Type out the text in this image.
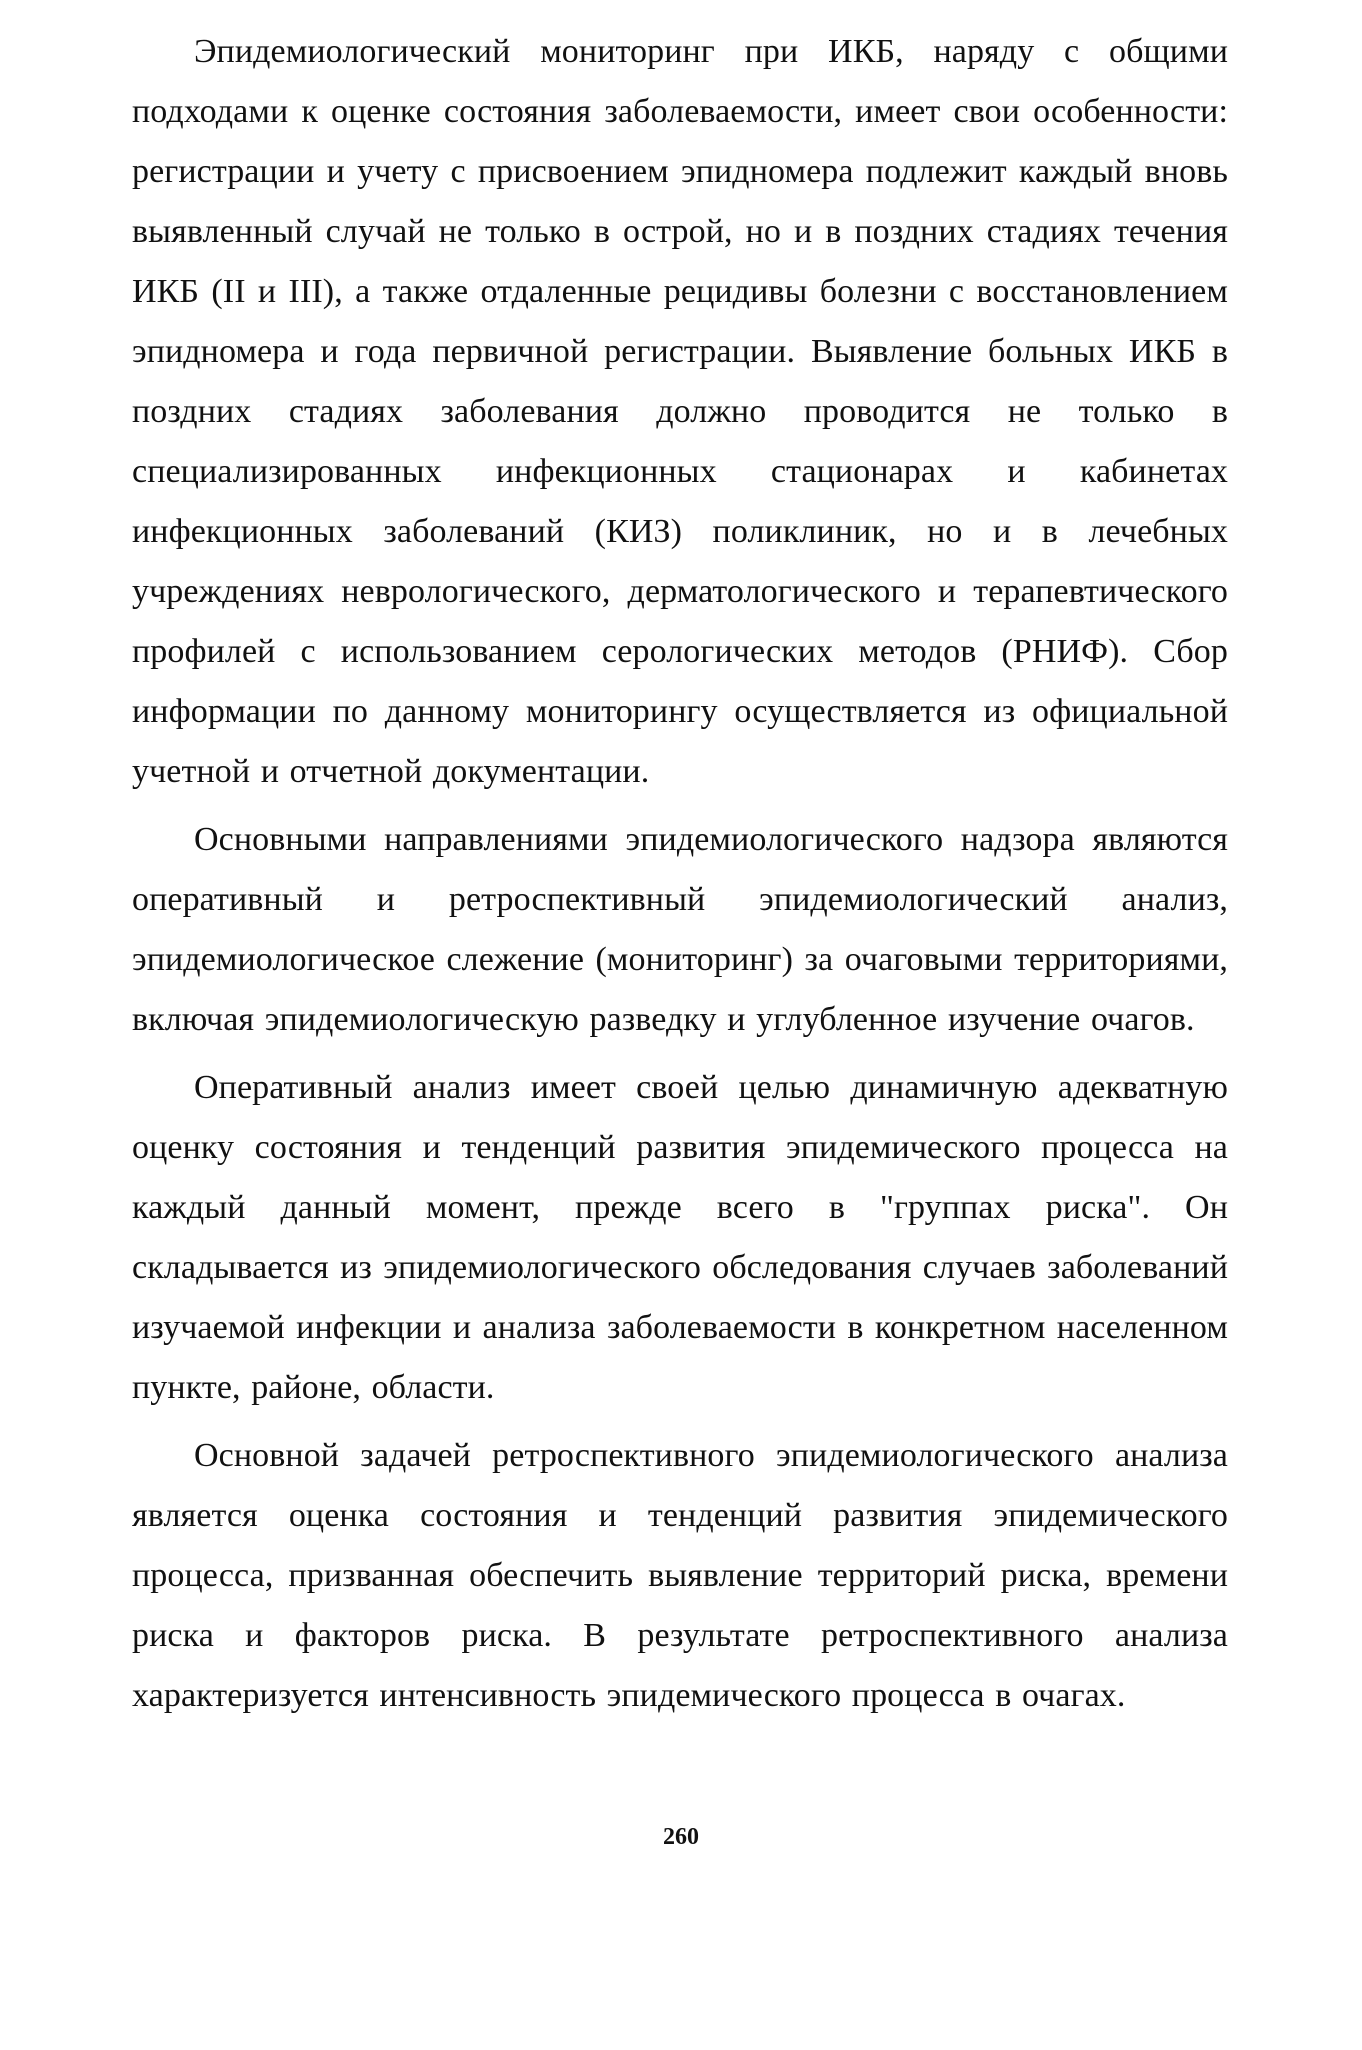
Эпидемиологический мониторинг при ИКБ, наряду с общими подходами к оценке состояния заболеваемости, имеет свои особенности: регистрации и учету с присвоением эпидномера подлежит каждый вновь выявленный случай не только в острой, но и в поздних стадиях течения ИКБ (II и III), а также отдаленные рецидивы болезни с восстановлением эпидномера и года первичной регистрации. Выявление больных ИКБ в поздних стадиях заболевания должно проводится не только в специализированных инфекционных стационарах и кабинетах инфекционных заболеваний (КИЗ) поликлиник, но и в лечебных учреждениях неврологического, дерматологического и терапевтического профилей с использованием серологических методов (РНИФ). Сбор информации по данному мониторингу осуществляется из официальной учетной и отчетной документации.

Основными направлениями эпидемиологического надзора являются оперативный и ретроспективный эпидемиологический анализ, эпидемиологическое слежение (мониторинг) за очаговыми территориями, включая эпидемиологическую разведку и углубленное изучение очагов.

Оперативный анализ имеет своей целью динамичную адекватную оценку состояния и тенденций развития эпидемического процесса на каждый данный момент, прежде всего в "группах риска". Он складывается из эпидемиологического обследования случаев заболеваний изучаемой инфекции и анализа заболеваемости в конкретном населенном пункте, районе, области.

Основной задачей ретроспективного эпидемиологического анализа является оценка состояния и тенденций развития эпидемического процесса, призванная обеспечить выявление территорий риска, времени риска и факторов риска. В результате ретроспективного анализа характеризуется интенсивность эпидемического процесса в очагах.

260
